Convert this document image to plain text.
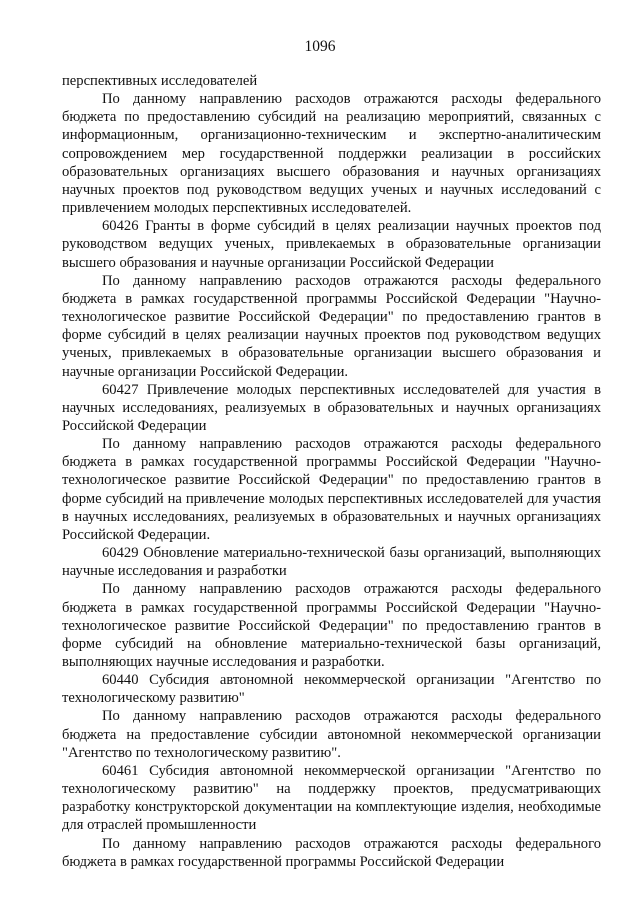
1096

перспективных исследователей

По данному направлению расходов отражаются расходы федерального бюджета по предоставлению субсидий на реализацию мероприятий, связанных с информационным, организационно-техническим и экспертно-аналитическим сопровождением мер государственной поддержки реализации в российских образовательных организациях высшего образования и научных организациях научных проектов под руководством ведущих ученых и научных исследований с привлечением молодых перспективных исследователей.

60426 Гранты в форме субсидий в целях реализации научных проектов под руководством ведущих ученых, привлекаемых в образовательные организации высшего образования и научные организации Российской Федерации

По данному направлению расходов отражаются расходы федерального бюджета в рамках государственной программы Российской Федерации "Научно-технологическое развитие Российской Федерации" по предоставлению грантов в форме субсидий в целях реализации научных проектов под руководством ведущих ученых, привлекаемых в образовательные организации высшего образования и научные организации Российской Федерации.

60427 Привлечение молодых перспективных исследователей для участия в научных исследованиях, реализуемых в образовательных и научных организациях Российской Федерации

По данному направлению расходов отражаются расходы федерального бюджета в рамках государственной программы Российской Федерации "Научно-технологическое развитие Российской Федерации" по предоставлению грантов в форме субсидий на привлечение молодых перспективных исследователей для участия в научных исследованиях, реализуемых в образовательных и научных организациях Российской Федерации.

60429 Обновление материально-технической базы организаций, выполняющих научные исследования и разработки

По данному направлению расходов отражаются расходы федерального бюджета в рамках государственной программы Российской Федерации "Научно-технологическое развитие Российской Федерации" по предоставлению грантов в форме субсидий на обновление материально-технической базы организаций, выполняющих научные исследования и разработки.

60440 Субсидия автономной некоммерческой организации "Агентство по технологическому развитию"

По данному направлению расходов отражаются расходы федерального бюджета на предоставление субсидии автономной некоммерческой организации "Агентство по технологическому развитию".

60461 Субсидия автономной некоммерческой организации "Агентство по технологическому развитию" на поддержку проектов, предусматривающих разработку конструкторской документации на комплектующие изделия, необходимые для отраслей промышленности

По данному направлению расходов отражаются расходы федерального бюджета в рамках государственной программы Российской Федерации
